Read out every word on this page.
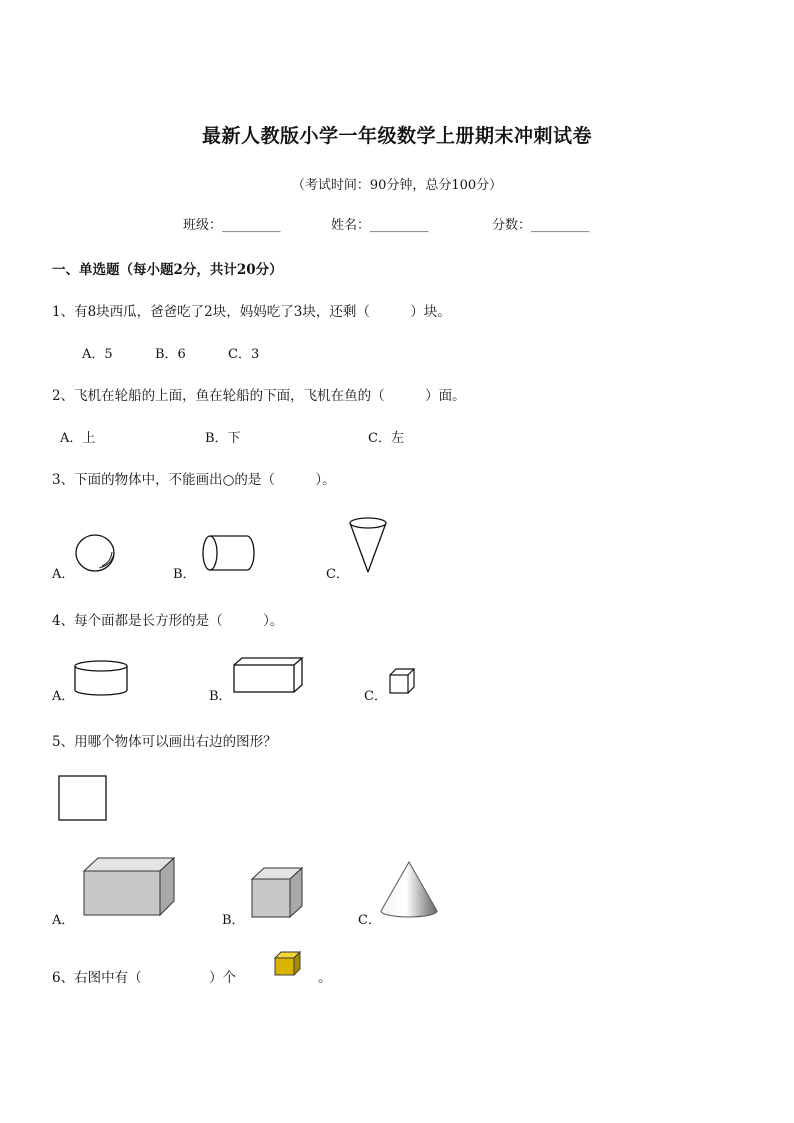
最新人教版小学一年级数学上册期末冲刺试卷
（考试时间：90分钟，总分100分）
班级：_________	姓名：_________	分数：_________
一、单选题（每小题2分，共计20分）
1、有8块西瓜，爸爸吃了2块，妈妈吃了3块，还剩（　　　）块。
A．5	B．6	C．3
2、飞机在轮船的上面，鱼在轮船的下面，飞机在鱼的（　　　）面。
A．上	B．下	C．左
3、下面的物体中，不能画出○的是（　　　）。
A．	B．	C．
4、每个面都是长方形的是（　　　）。
A．	B．	C．
5、用哪个物体可以画出右边的图形？
A．	B．	C．
6、右图中有（　　　　　）个	。
